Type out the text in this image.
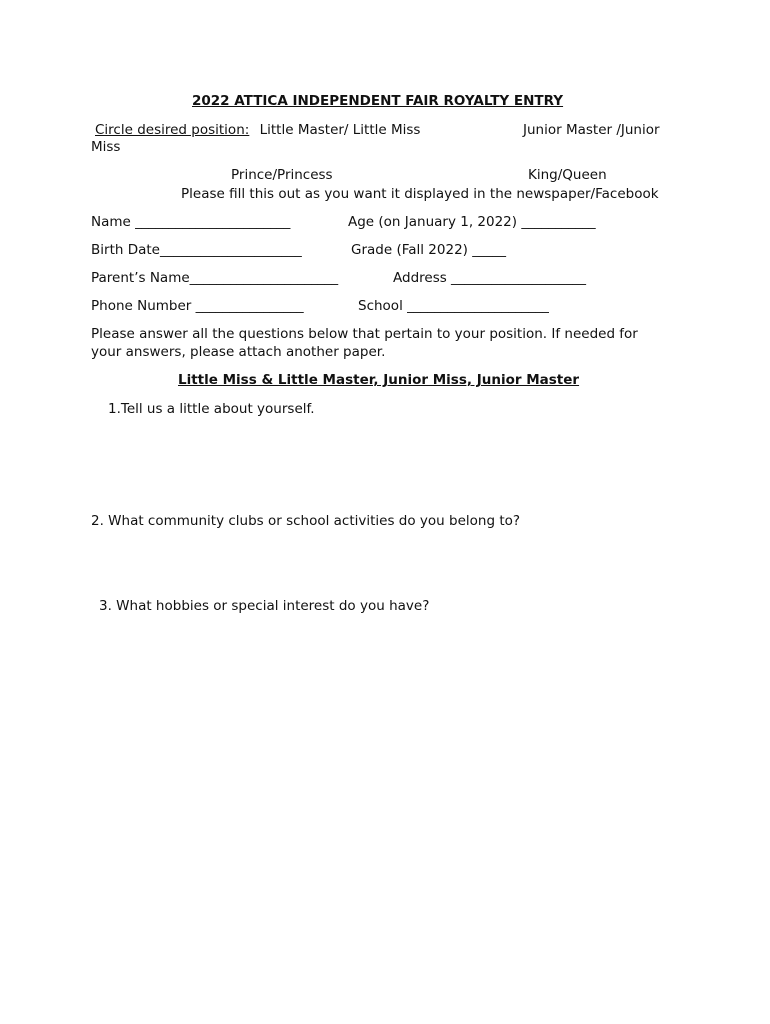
2022 ATTICA INDEPENDENT FAIR ROYALTY ENTRY
Circle desired position: Little Master/ Little Miss	Junior Master /Junior
Miss
Prince/Princess	King/Queen
Please fill this out as you want it displayed in the newspaper/Facebook
Name _______________________	Age (on January 1, 2022) ___________
Birth Date_____________________	Grade (Fall 2022) _____
Parent’s Name______________________	Address ____________________
Phone Number ________________	School _____________________
Please answer all the questions below that pertain to your position. If needed for
your answers, please attach another paper.
Little Miss & Little Master, Junior Miss, Junior Master
1.Tell us a little about yourself.
2. What community clubs or school activities do you belong to?
3. What hobbies or special interest do you have?
